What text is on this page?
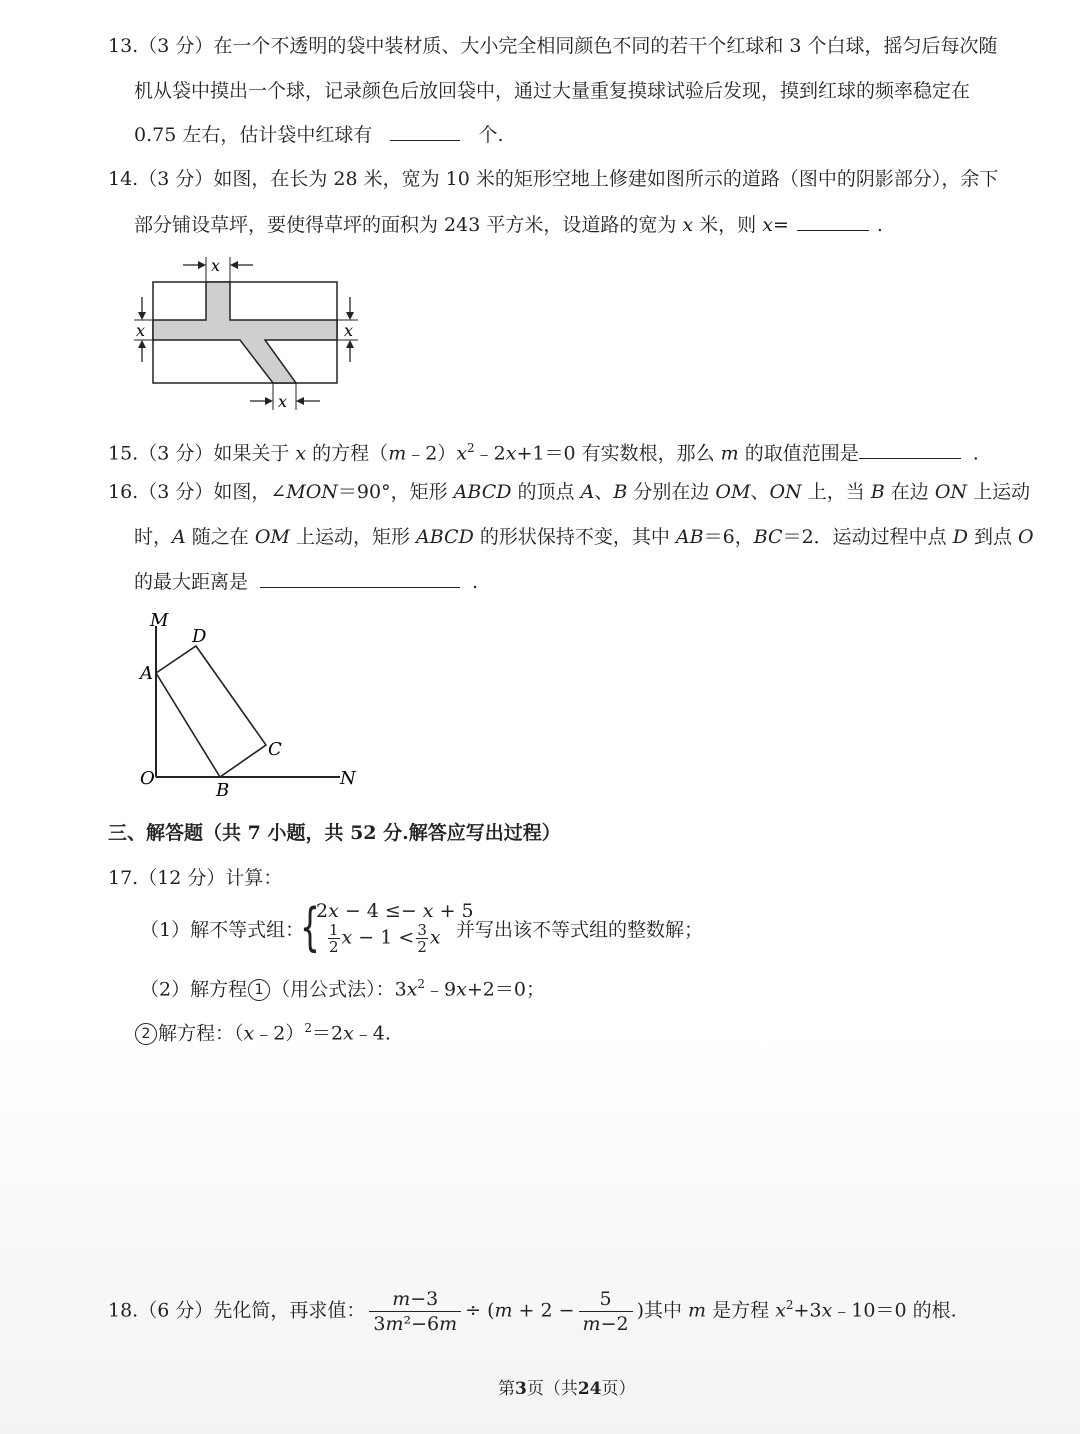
13.（3 分）在一个不透明的袋中装材质、大小完全相同颜色不同的若干个红球和 3 个白球，摇匀后每次随
机从袋中摸出一个球，记录颜色后放回袋中，通过大量重复摸球试验后发现，摸到红球的频率稳定在
0.75 左右，估计袋中红球有	个.
14.（3 分）如图，在长为 28 米，宽为 10 米的矩形空地上修建如图所示的道路（图中的阴影部分），余下
部分铺设草坪，要使得草坪的面积为 243 平方米，设道路的宽为 x 米，则 x=	.
x
x	x
x
15.（3 分）如果关于 x 的方程$(m﹣2)x^2﹣2x+1=0$ 有实数根，那么 m 的取值范围是	.
16.（3 分）如图，∠MON＝90°，矩形 ABCD 的顶点 A、B 分别在边 OM、ON 上，当 B 在边 ON 上运动
时，A 随之在 OM 上运动，矩形 ABCD 的形状保持不变，其中 AB＝6，BC＝2．运动过程中点 D 到点 O
的最大距离是	.
M
D
A
C
O
B
N
三、解答题（共 7 小题，共 52 分.解答应写出过程）
17.（12 分）计算：
（1）解不等式组：
{
2𝑥 − 4 ≤− 𝑥 + 5
$\frac{1}{2}$ 𝑥 − $1 < \frac{3}{2}$ 𝑥 并写出该不等式组的整数解；
（2）解方程 1 （用公式法）：$3x^2﹣9x+2=0$；
2 解方程：（x﹣2）$^2$＝2x﹣4.
18.（6 分）先化简，再求值： $\frac{\text{𝑚−3}}{\text{3𝑚²−6𝑚}}$ ÷ (𝑚 + $2 - \frac{5}{\text{𝑚−2}}$ )其中 m 是方程 $x^2+3x﹣10=0$ 的根.
第3页（共24页）
